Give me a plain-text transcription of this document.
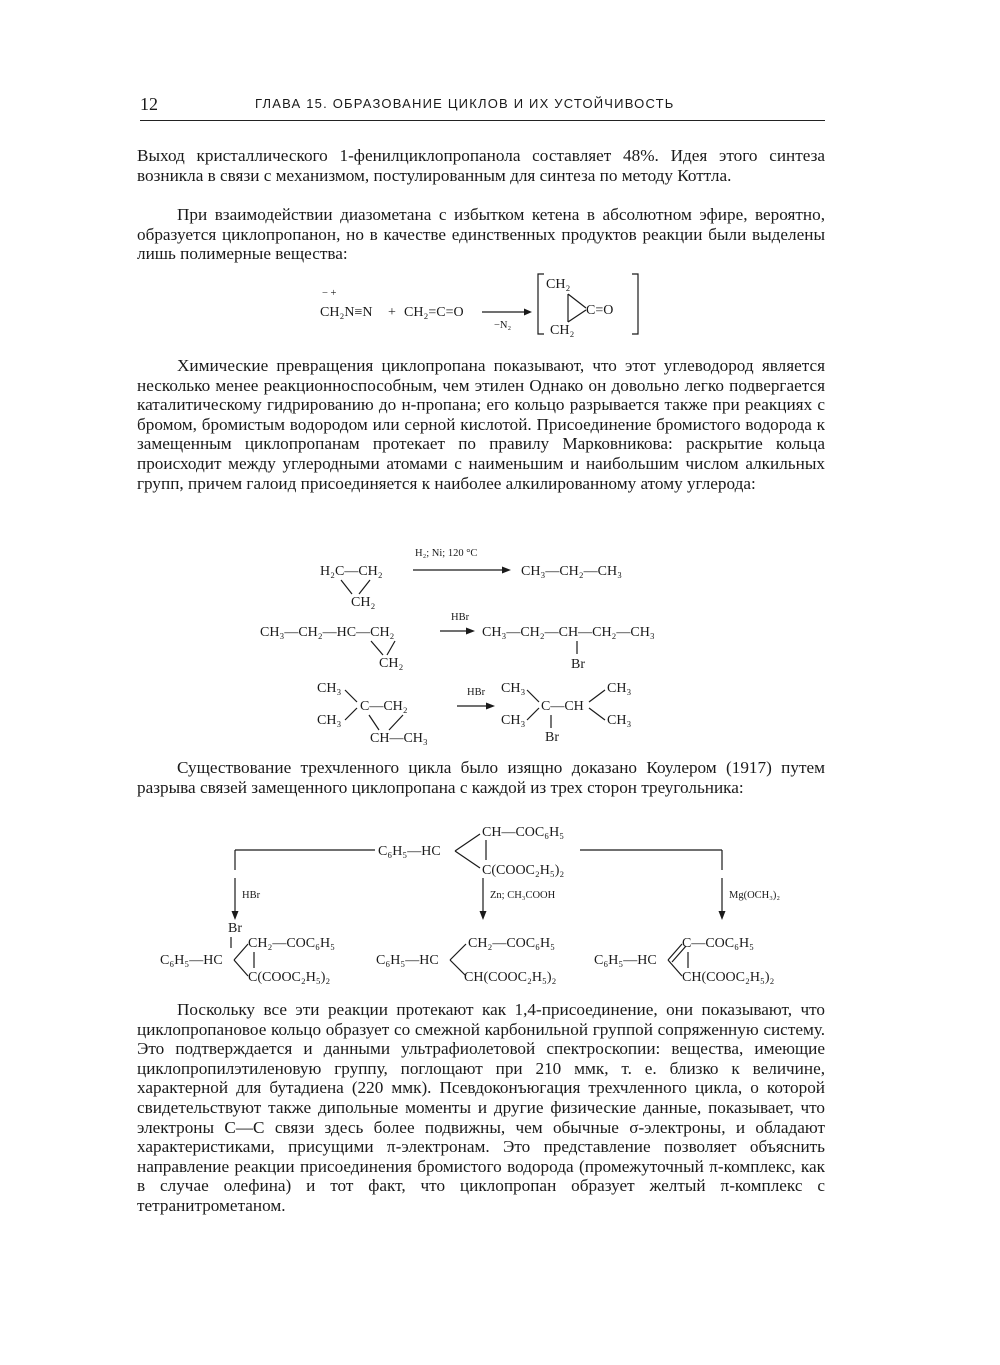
12	ГЛАВА 15. ОБРАЗОВАНИЕ ЦИКЛОВ И ИХ УСТОЙЧИВОСТЬ

Выход кристаллического 1-фенилциклопропанола составляет 48%. Идея этого синтеза возникла в связи с механизмом, постулированным для синтеза по методу Коттла.

При взаимодействии диазометана с избытком кетена в абсолютном эфире, вероятно, образуется циклопропанон, но в качестве единственных продуктов реакции были выделены лишь полимерные вещества:

− +
CH₂N≡N + CH₂=C=O
−N₂
CH₂
C=O
CH₂

Химические превращения циклопропана показывают, что этот углеводород является несколько менее реакционноспособным, чем этилен Однако он довольно легко подвергается каталитическому гидрированию до н-пропана; его кольцо разрывается также при реакциях с бромом, бромистым водородом или серной кислотой. Присоединение бромистого водорода к замещенным циклопропанам протекает по правилу Марковникова: раскрытие кольца происходит между углеродными атомами с наименьшим и наибольшим числом алкильных групп, причем галоид присоединяется к наиболее алкилированному атому углерода:

H₂C—CH₂
CH₂
H₂; Ni; 120 °C
CH₃—CH₂—CH₃
CH₃—CH₂—HC—CH₂
CH₂
HBr
CH₃—CH₂—CH—CH₂—CH₃
Br
CH₃
CH₃
C—CH₂
CH—CH₃
HBr CH₃
CH₃
C—CH
CH₃
CH₃
Br

Существование трехчленного цикла было изящно доказано Коулером (1917) путем разрыва связей замещенного циклопропана с каждой из трех сторон треугольника:

CH—COC₆H₅
C₆H₅—HC
C(COOC₂H₅)₂
HBr	Zn; CH₃COOH	Mg(OCH₃)₂
Br
CH₂—COC₆H₅
C₆H₅—HC
C(COOC₂H₅)₂
CH₂—COC₆H₅
C₆H₅—HC
CH(COOC₂H₅)₂
C—COC₆H₅
C₆H₅—HC
CH(COOC₂H₅)₂

Поскольку все эти реакции протекают как 1,4-присоединение, они показывают, что циклопропановое кольцо образует со смежной карбонильной группой сопряженную систему. Это подтверждается и данными ультрафиолетовой спектроскопии: вещества, имеющие циклопропилэтиленовую группу, поглощают при 210 ммк, т. е. близко к величине, характерной для бутадиена (220 ммк). Псевдоконъюгация трехчленного цикла, о которой свидетельствуют также дипольные моменты и другие физические данные, показывает, что электроны C—C связи здесь более подвижны, чем обычные σ-электроны, и обладают характеристиками, присущими π-электронам. Это представление позволяет объяснить направление реакции присоединения бромистого водорода (промежуточный π-комплекс, как в случае олефина) и тот факт, что циклопропан образует желтый π-комплекс с тетранитрометаном.
